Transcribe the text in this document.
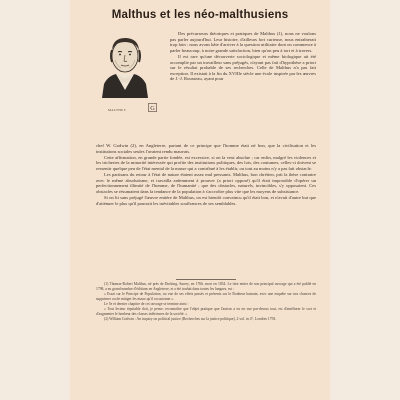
Malthus et les néo-malthusiens
MALTHUS	G

Des précurseurs théoriques et pratiques de Malthus (1), nous ne voulons pas parler aujourd'hui. Leur histoire, d'ailleurs fort curieuse, nous entraînerait trop loin : nous avons hâte d'arriver à la question utilitaire dont on commence à parler beaucoup, à notre grande satisfaction, bien qu'on peu à tort et à travers.

Il est rare qu'une découverte sociologique et même biologique ait été accomplie par un travailleur sans préjugés, n'ayant pas fait d'hypothèse a priori sur le résultat probable de ses recherches. Celle de Malthus n'a pas fait exception. Il existait à la fin du XVIIIe siècle une école inspirée par les œuvres de J.-J. Rousseau, ayant pour

chef W. Godwin (2), en Angleterre, partant de ce principe que l'homme était né bon, que la civilisation et les institutions sociales seules l'avaient rendu mauvais.

Cette affirmation, en grande partie fondée, est excessive, si on la veut absolue ; car enfin, malgré les violences et les tricheries de la minorité intéressée qui profite des institutions politiques, des lois, des coutumes, celles-ci doivent se ressentir quelque peu de l'état mental de la masse qui a contribué à les établir, ou tout au moins n'y a pas fait obstacle.

Les partisans du retour à l'état de nature étaient assez mal pressants. Malthus, bon chrétien, prit la thèse contraire avec le même absolutisme, et travailla ardemment à prouver (a priori opposé) qu'il était impossible d'opérer un perfectionnement illimité de l'homme, de l'humanité ; que des obstacles, naturels, invincibles, s'y opposaient. Ces obstacles se résumaient dans la tendance de la population à s'accroître plus vite que les moyens de subsistance.

Si on lit sans préjugé l'œuvre entière de Malthus, on est bientôt convaincu qu'il était bon, et n'avait d'autre but que d'atténuer le plus qu'il pourrait les inévitables souffrances de ses semblables.

(1) Thomas-Robert Malthus, né près de Dorking, Surrey, en 1766, mort en 1834. Le titre entier de son principal ouvrage qui a été publié en 1798, a eu grand nombre d'éditions en Angleterre, et a été traduit dans toutes les langues, est :

« Essai sur le Principe de Population, ou vue de ses effets passés et présents sur le Bonheur humain, avec une enquête sur nos chances de supprimer ou de mitiger les maux qu'il occasionne ».

Le 5e et dernier chapitre de cet ouvrage se termine ainsi :

« Tout lecteur équitable doit, je pense, reconnaître que l'objet pratique que l'auteur a eu en vue par-dessus tout, est d'améliorer le sort et d'augmenter le bonheur des classes inférieures de la société. »

(2) William Godwin : An inquiry on political justice (Recherches sur la justice politique), 2 vol. in 4°, Londres 1793.
